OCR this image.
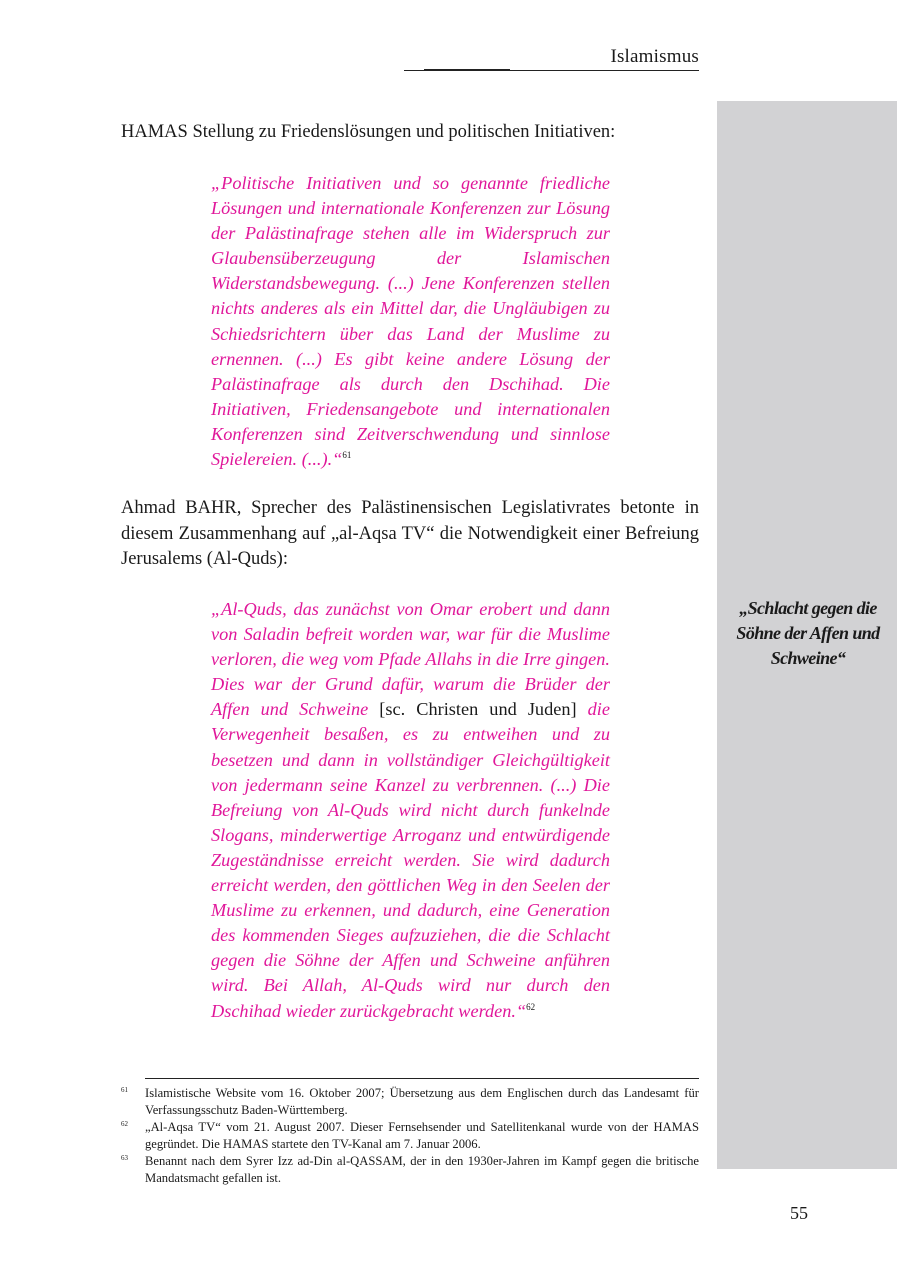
Islamismus
„Schlacht gegen die Söhne der Affen und Schweine“

HAMAS Stellung zu Friedenslösungen und politischen Initiativen:

„Politische Initiativen und so genannte friedliche Lösungen und internationale Konferenzen zur Lösung der Palästinafrage stehen alle im Widerspruch zur Glaubensüberzeugung der Islamischen Widerstandsbewegung. (...) Jene Konferenzen stellen nichts anderes als ein Mittel dar, die Ungläubigen zu Schiedsrichtern über das Land der Muslime zu ernennen. (...) Es gibt keine andere Lösung der Palästinafrage als durch den Dschihad. Die Initiativen, Friedensangebote und internationalen Konferenzen sind Zeitverschwendung und sinnlose Spielereien. (...).“$^{61}$

Ahmad BAHR, Sprecher des Palästinensischen Legislativrates betonte in diesem Zusammenhang auf „al-Aqsa TV“ die Notwendigkeit einer Befreiung Jerusalems (Al-Quds):

„Al-Quds, das zunächst von Omar erobert und dann von Saladin befreit worden war, war für die Muslime verloren, die weg vom Pfade Allahs in die Irre gingen. Dies war der Grund dafür, warum die Brüder der Affen und Schweine [sc. Christen und Juden] die Verwegenheit besaßen, es zu entweihen und zu besetzen und dann in vollständiger Gleichgültigkeit von jedermann seine Kanzel zu verbrennen. (...) Die Befreiung von Al-Quds wird nicht durch funkelnde Slogans, minderwertige Arroganz und entwürdigende Zugeständnisse erreicht werden. Sie wird dadurch erreicht werden, den göttlichen Weg in den Seelen der Muslime zu erkennen, und dadurch, eine Generation des kommenden Sieges aufzuziehen, die die Schlacht gegen die Söhne der Affen und Schweine anführen wird. Bei Allah, Al-Quds wird nur durch den Dschihad wieder zurückgebracht werden.“$^{62}$
61 Islamistische Website vom 16. Oktober 2007; Übersetzung aus dem Englischen durch das Landesamt für Verfassungsschutz Baden-Württemberg.
62 „Al-Aqsa TV“ vom 21. August 2007. Dieser Fernsehsender und Satellitenkanal wurde von der HAMAS gegründet. Die HAMAS startete den TV-Kanal am 7. Januar 2006.
63 Benannt nach dem Syrer Izz ad-Din al-QASSAM, der in den 1930er-Jahren im Kampf gegen die britische Mandatsmacht gefallen ist.
55
